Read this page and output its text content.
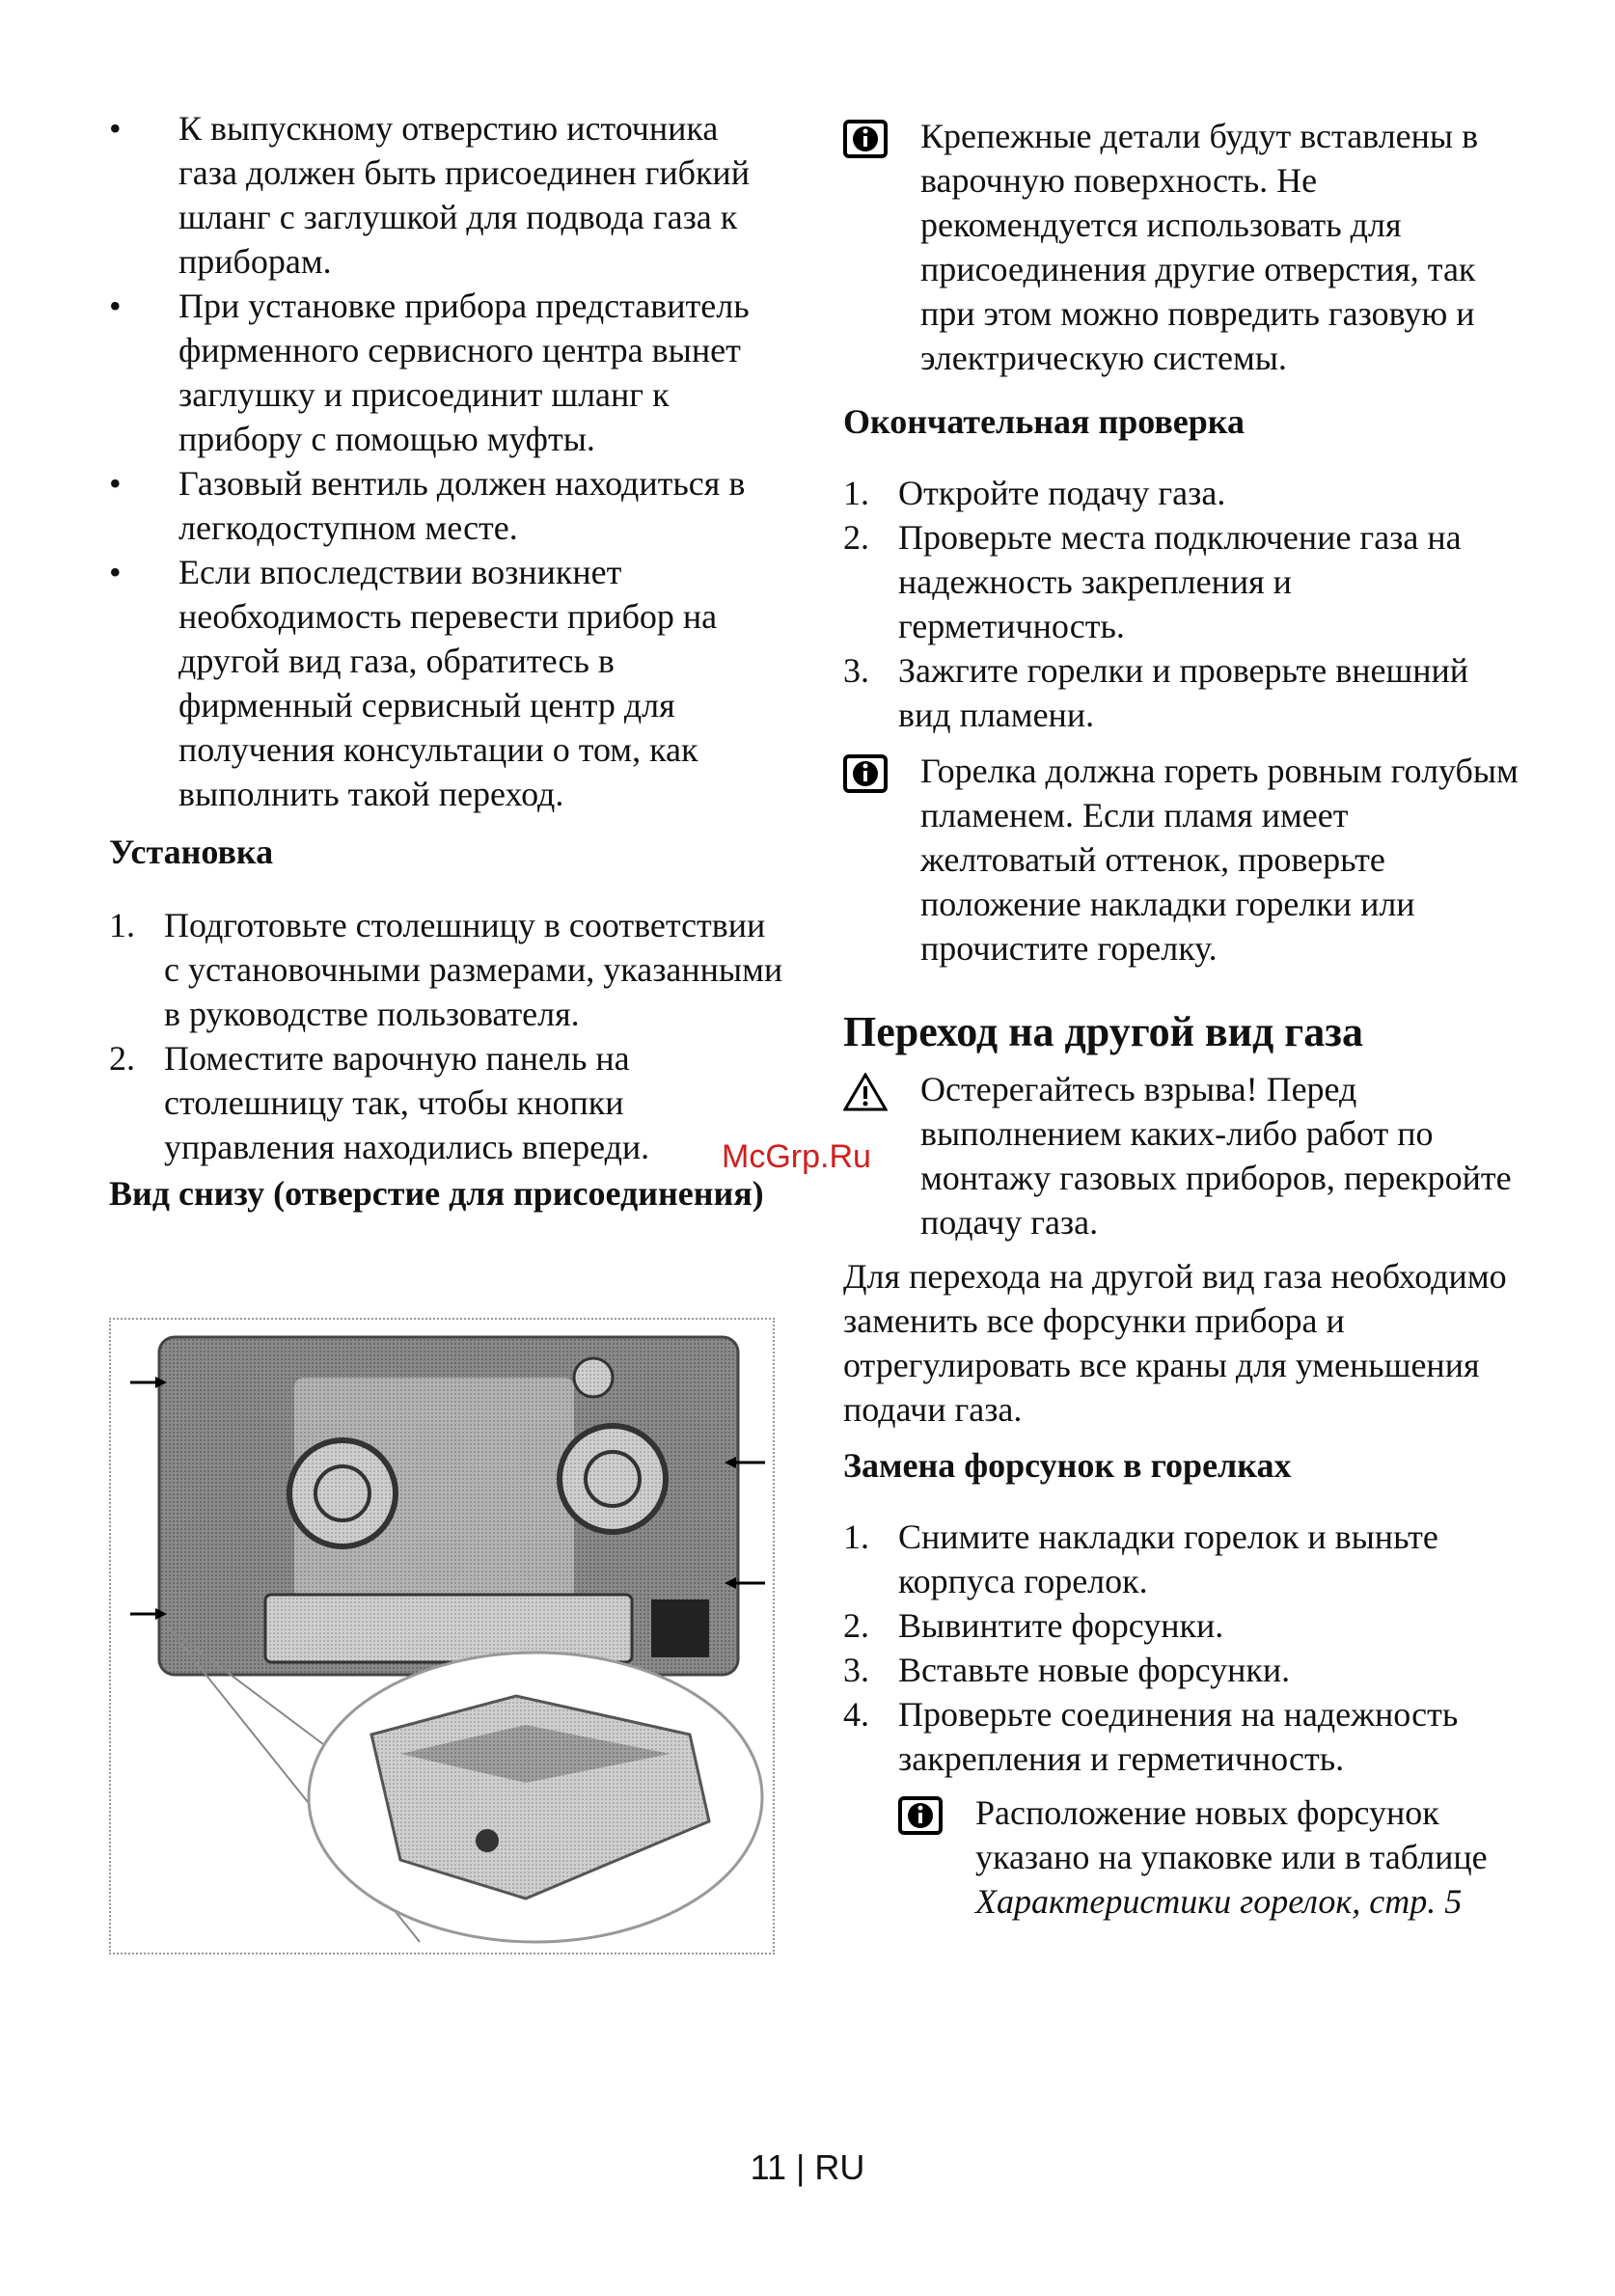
• К выпускному отверстию источника газа должен быть присоединен гибкий шланг с заглушкой для подвода газа к приборам.
• При установке прибора представитель фирменного сервисного центра вынет заглушку и присоединит шланг к прибору с помощью муфты.
• Газовый вентиль должен находиться в легкодоступном месте.
• Если впоследствии возникнет необходимость перевести прибор на другой вид газа, обратитесь в фирменный сервисный центр для получения консультации о том, как выполнить такой переход.
Установка
1. Подготовьте столешницу в соответствии с установочными размерами, указанными в руководстве пользователя.
2. Поместите варочную панель на столешницу так, чтобы кнопки управления находились впереди.
Вид снизу (отверстие для присоединения)
Крепежные детали будут вставлены в варочную поверхность. Не рекомендуется использовать для присоединения другие отверстия, так при этом можно повредить газовую и электрическую системы.
Окончательная проверка
1. Откройте подачу газа.
2. Проверьте места подключение газа на надежность закрепления и герметичность.
3. Зажгите горелки и проверьте внешний вид пламени.
Горелка должна гореть ровным голубым пламенем. Если пламя имеет желтоватый оттенок, проверьте положение накладки горелки или прочистите горелку.
Переход на другой вид газа
Остерегайтесь взрыва! Перед выполнением каких-либо работ по монтажу газовых приборов, перекройте подачу газа.

Для перехода на другой вид газа необходимо заменить все форсунки прибора и отрегулировать все краны для уменьшения подачи газа.

Замена форсунок в горелках
1. Снимите накладки горелок и выньте корпуса горелок.
2. Вывинтите форсунки.
3. Вставьте новые форсунки.
4. Проверьте соединения на надежность закрепления и герметичность.
Расположение новых форсунок указано на упаковке или в таблице Характеристики горелок, стр. 5
McGrp.Ru
11 | RU
